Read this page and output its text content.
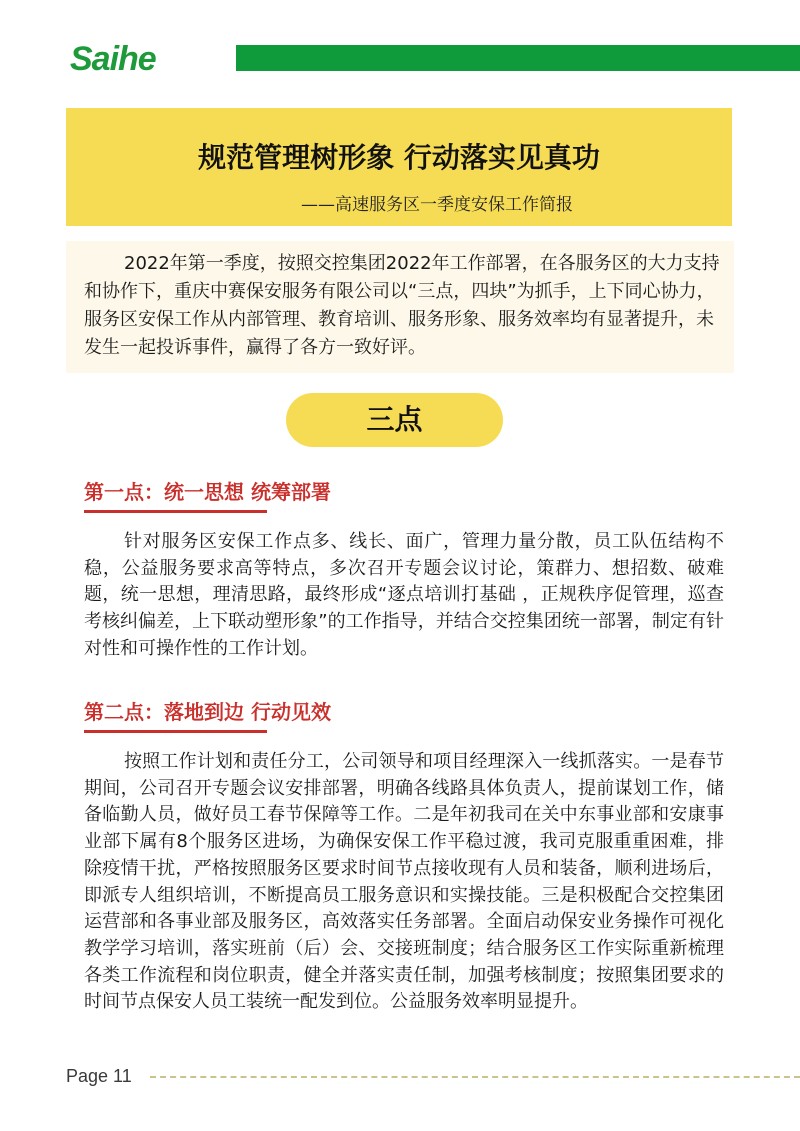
Saihe
规范管理树形象 行动落实见真功
——高速服务区一季度安保工作简报
2022年第一季度，按照交控集团2022年工作部署，在各服务区的大力支持和协作下，重庆中赛保安服务有限公司以“三点，四块”为抓手，上下同心协力，服务区安保工作从内部管理、教育培训、服务形象、服务效率均有显著提升，未发生一起投诉事件，赢得了各方一致好评。
三点
第一点：统一思想 统筹部署
针对服务区安保工作点多、线长、面广，管理力量分散，员工队伍结构不稳，公益服务要求高等特点，多次召开专题会议讨论，策群力、想招数、破难题，统一思想，理清思路，最终形成“逐点培训打基础 ，正规秩序促管理，巡查考核纠偏差，上下联动塑形象”的工作指导，并结合交控集团统一部署，制定有针对性和可操作性的工作计划。
第二点：落地到边 行动见效
按照工作计划和责任分工，公司领导和项目经理深入一线抓落实。一是春节期间，公司召开专题会议安排部署，明确各线路具体负责人，提前谋划工作，储备临勤人员，做好员工春节保障等工作。二是年初我司在关中东事业部和安康事业部下属有8个服务区进场，为确保安保工作平稳过渡，我司克服重重困难，排除疫情干扰，严格按照服务区要求时间节点接收现有人员和装备，顺利进场后，即派专人组织培训，不断提高员工服务意识和实操技能。三是积极配合交控集团运营部和各事业部及服务区，高效落实任务部署。全面启动保安业务操作可视化教学学习培训，落实班前（后）会、交接班制度；结合服务区工作实际重新梳理各类工作流程和岗位职责，健全并落实责任制，加强考核制度；按照集团要求的时间节点保安人员工装统一配发到位。公益服务效率明显提升。
Page 11
